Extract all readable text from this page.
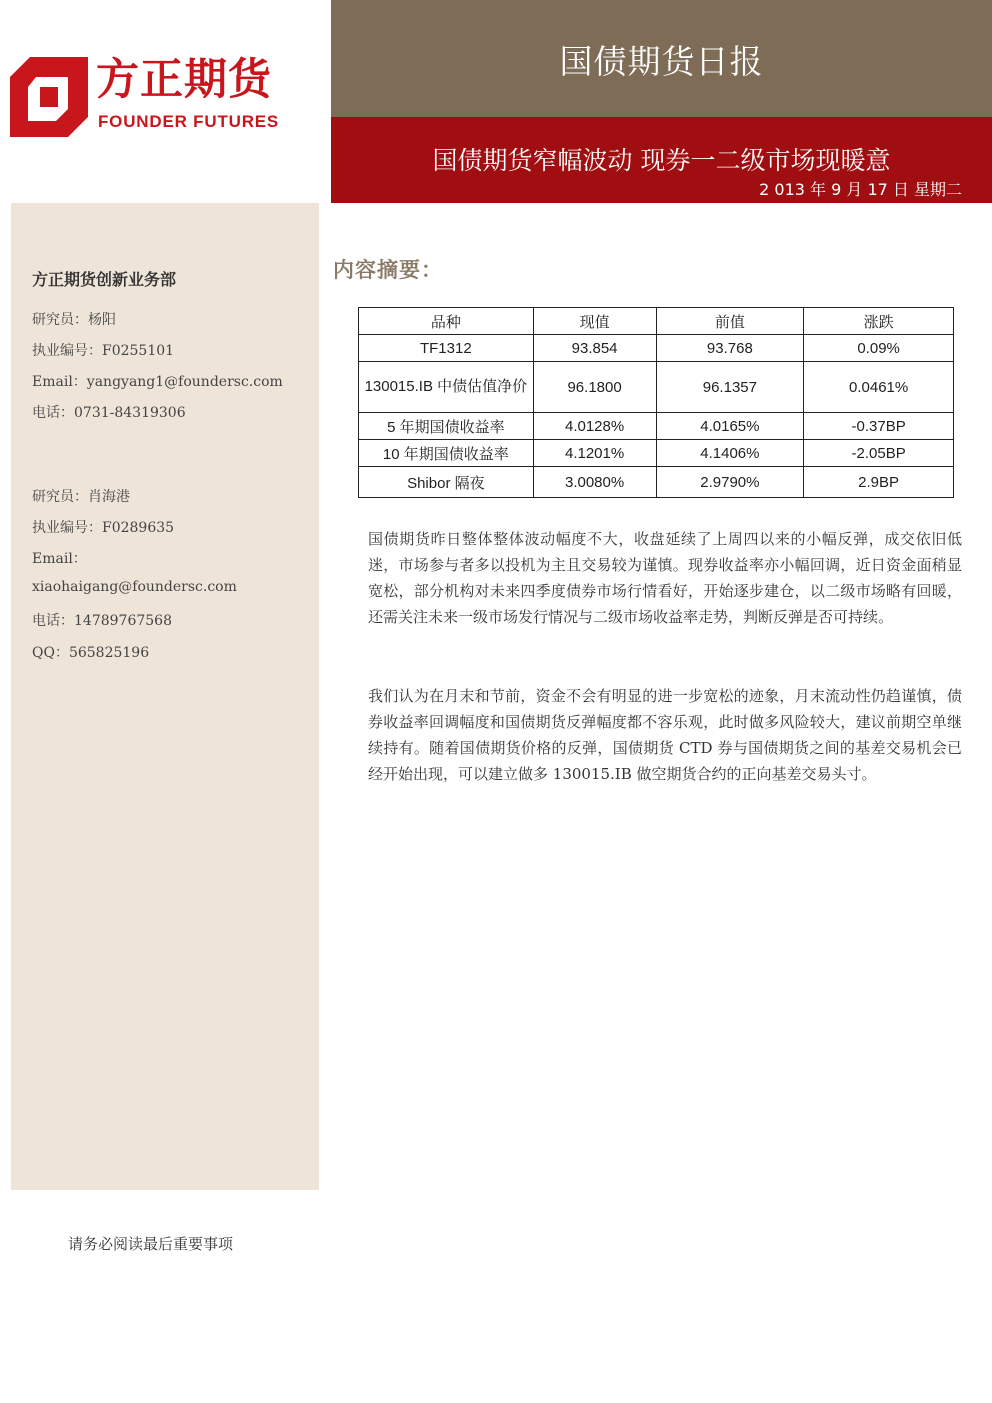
方正期货
FOUNDER FUTURES
国债期货日报
国债期货窄幅波动 现券一二级市场现暖意
2 013 年 9 月 17 日 星期二
方正期货创新业务部
研究员：杨阳
执业编号：F0255101
Email：yangyang1@foundersc.com
电话：0731-84319306
研究员：肖海港
执业编号：F0289635
Email：
xiaohaigang@foundersc.com
电话：14789767568
QQ：565825196
请务必阅读最后重要事项
内容摘要：
品种	现值	前值	涨跌
TF1312	93.854	93.768	0.09%
130015.IB 中债估值净价	96.1800	96.1357	0.0461%
5 年期国债收益率	4.0128%	4.0165%	-0.37BP
10 年期国债收益率	4.1201%	4.1406%	-2.05BP
Shibor 隔夜	3.0080%	2.9790%	2.9BP

国债期货昨日整体整体波动幅度不大，收盘延续了上周四以来的小幅反弹，成交依旧低迷，市场参与者多以投机为主且交易较为谨慎。现券收益率亦小幅回调，近日资金面稍显宽松，部分机构对未来四季度债券市场行情看好，开始逐步建仓，以二级市场略有回暖，还需关注未来一级市场发行情况与二级市场收益率走势，判断反弹是否可持续。

我们认为在月末和节前，资金不会有明显的进一步宽松的迹象，月末流动性仍趋谨慎，债券收益率回调幅度和国债期货反弹幅度都不容乐观，此时做多风险较大，建议前期空单继续持有。随着国债期货价格的反弹，国债期货 CTD 券与国债期货之间的基差交易机会已经开始出现，可以建立做多 130015.IB 做空期货合约的正向基差交易头寸。
